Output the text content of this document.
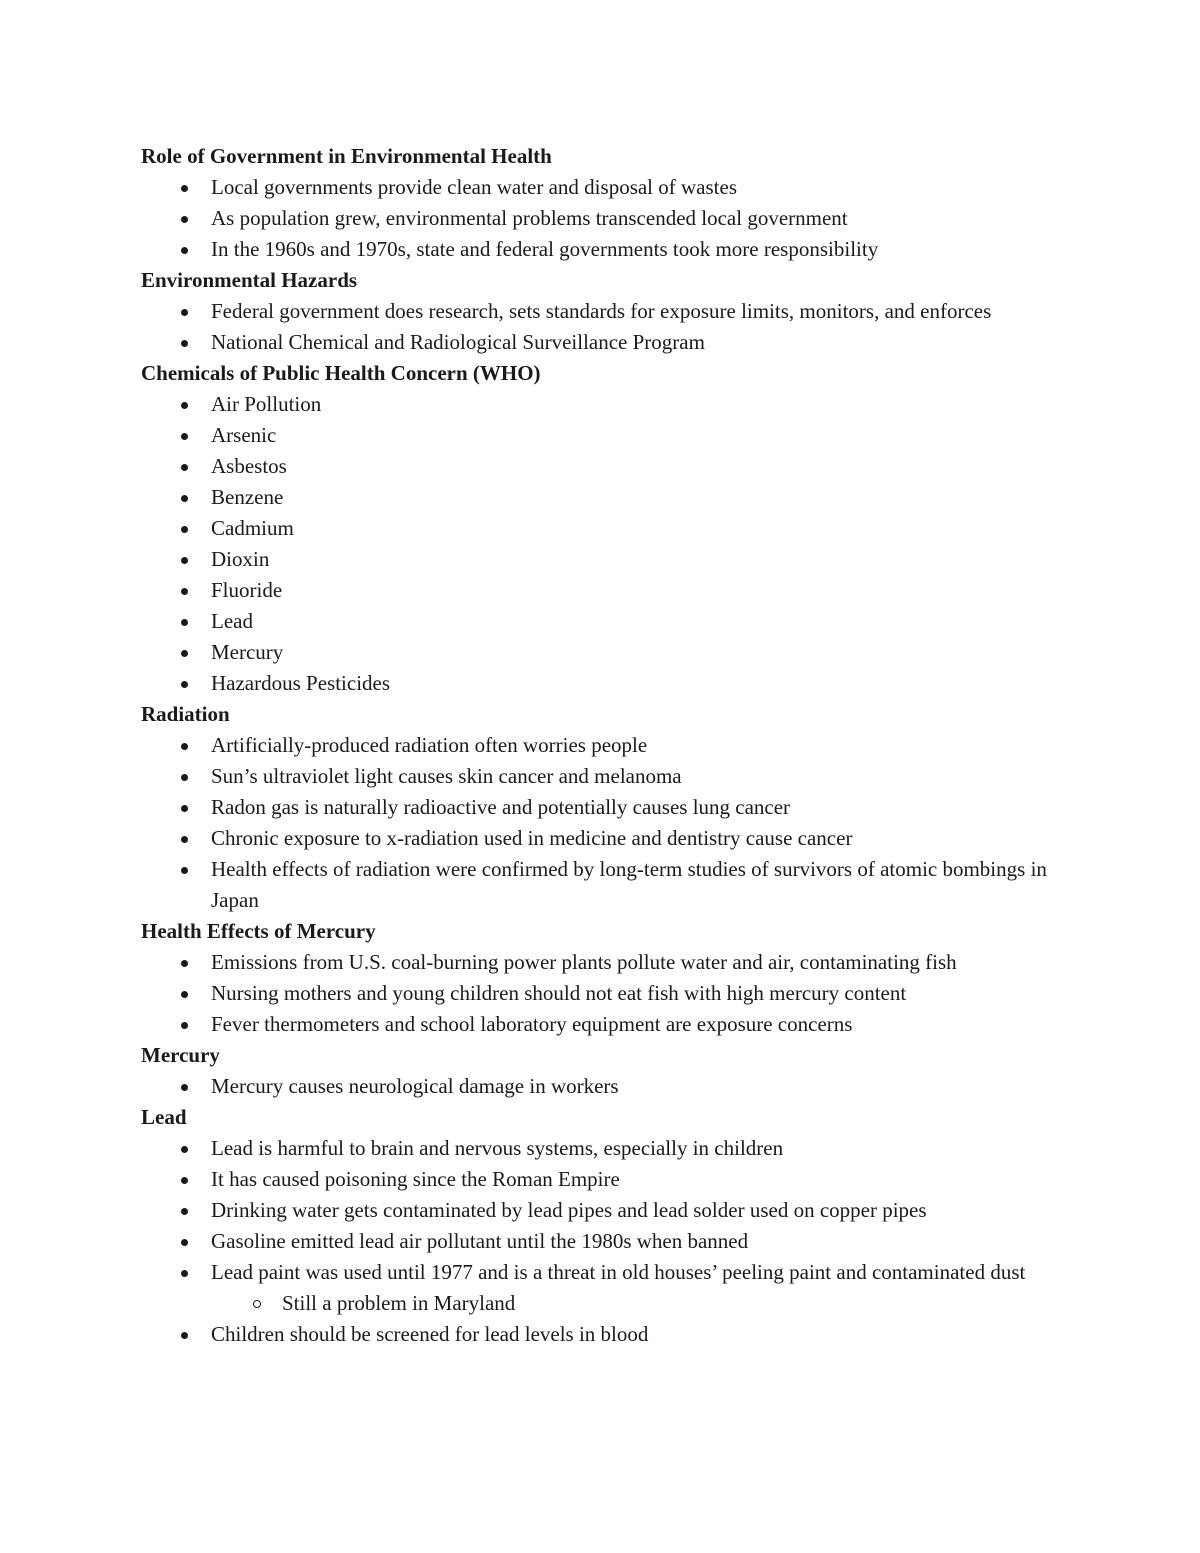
Role of Government in Environmental Health
Local governments provide clean water and disposal of wastes
As population grew, environmental problems transcended local government
In the 1960s and 1970s, state and federal governments took more responsibility
Environmental Hazards
Federal government does research, sets standards for exposure limits, monitors, and enforces
National Chemical and Radiological Surveillance Program
Chemicals of Public Health Concern (WHO)
Air Pollution
Arsenic
Asbestos
Benzene
Cadmium
Dioxin
Fluoride
Lead
Mercury
Hazardous Pesticides
Radiation
Artificially-produced radiation often worries people
Sun’s ultraviolet light causes skin cancer and melanoma
Radon gas is naturally radioactive and potentially causes lung cancer
Chronic exposure to x-radiation used in medicine and dentistry cause cancer
Health effects of radiation were confirmed by long-term studies of survivors of atomic bombings in Japan
Health Effects of Mercury
Emissions from U.S. coal-burning power plants pollute water and air, contaminating fish
Nursing mothers and young children should not eat fish with high mercury content
Fever thermometers and school laboratory equipment are exposure concerns
Mercury
Mercury causes neurological damage in workers
Lead
Lead is harmful to brain and nervous systems, especially in children
It has caused poisoning since the Roman Empire
Drinking water gets contaminated by lead pipes and lead solder used on copper pipes
Gasoline emitted lead air pollutant until the 1980s when banned
Lead paint was used until 1977 and is a threat in old houses’ peeling paint and contaminated dust
Still a problem in Maryland
Children should be screened for lead levels in blood
